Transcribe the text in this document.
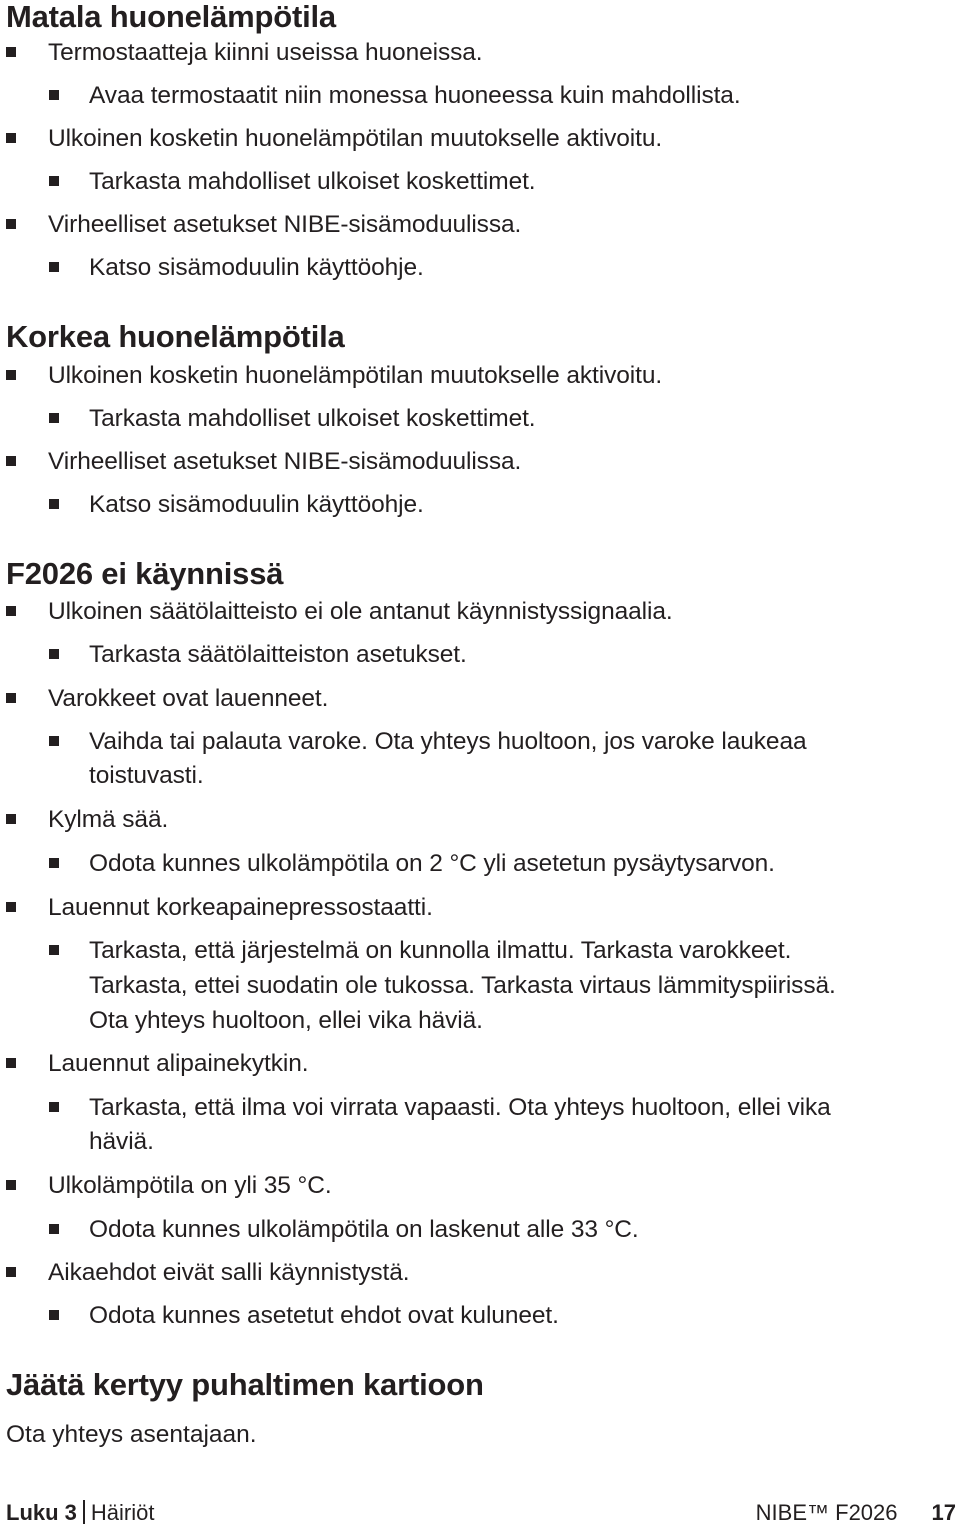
Matala huonelämpötila
Termostaatteja kiinni useissa huoneissa.
Avaa termostaatit niin monessa huoneessa kuin mahdollista.
Ulkoinen kosketin huonelämpötilan muutokselle aktivoitu.
Tarkasta mahdolliset ulkoiset koskettimet.
Virheelliset asetukset NIBE-sisämoduulissa.
Katso sisämoduulin käyttöohje.
Korkea huonelämpötila
Ulkoinen kosketin huonelämpötilan muutokselle aktivoitu.
Tarkasta mahdolliset ulkoiset koskettimet.
Virheelliset asetukset NIBE-sisämoduulissa.
Katso sisämoduulin käyttöohje.
F2026 ei käynnissä
Ulkoinen säätölaitteisto ei ole antanut käynnistyssignaalia.
Tarkasta säätölaitteiston asetukset.
Varokkeet ovat lauenneet.
Vaihda tai palauta varoke. Ota yhteys huoltoon, jos varoke laukeaa
toistuvasti.
Kylmä sää.
Odota kunnes ulkolämpötila on 2 °C yli asetetun pysäytysarvon.
Lauennut korkeapainepressostaatti.
Tarkasta, että järjestelmä on kunnolla ilmattu. Tarkasta varokkeet.
Tarkasta, ettei suodatin ole tukossa. Tarkasta virtaus lämmityspiirissä.
Ota yhteys huoltoon, ellei vika häviä.
Lauennut alipainekytkin.
Tarkasta, että ilma voi virrata vapaasti. Ota yhteys huoltoon, ellei vika
häviä.
Ulkolämpötila on yli 35 °C.
Odota kunnes ulkolämpötila on laskenut alle 33 °C.
Aikaehdot eivät salli käynnistystä.
Odota kunnes asetetut ehdot ovat kuluneet.
Jäätä kertyy puhaltimen kartioon
Ota yhteys asentajaan.
Luku 3 Häiriöt	NIBE™ F2026 17
